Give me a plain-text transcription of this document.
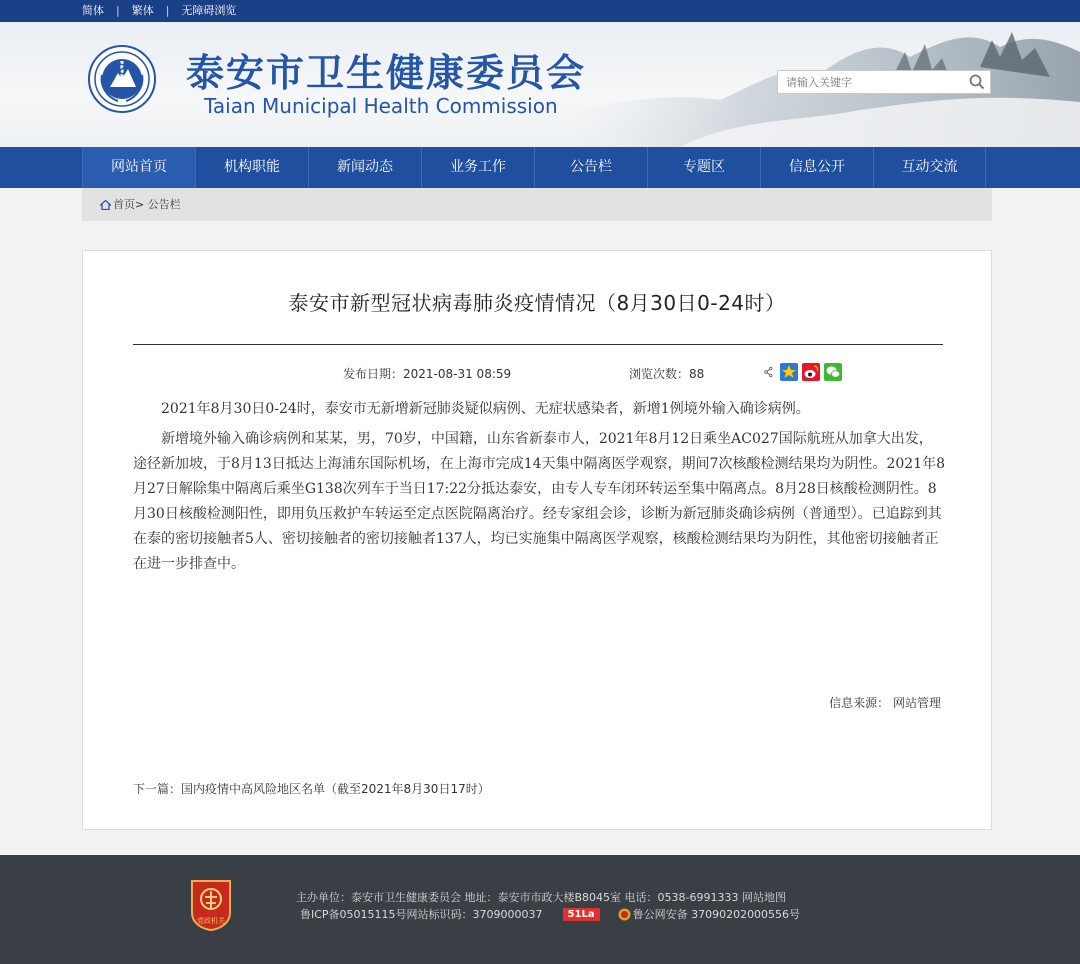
简体 | 繁体 | 无障碍浏览
泰安市卫生健康委员会
Taian Municipal Health Commission
请输入关键字
网站首页	机构职能	新闻动态	业务工作	公告栏	专题区	信息公开	互动交流
首页> 公告栏
泰安市新型冠状病毒肺炎疫情情况（8月30日0-24时）
发布日期：2021-08-31 08:59	浏览次数：88

2021年8月30日0-24时，泰安市无新增新冠肺炎疑似病例、无症状感染者，新增1例境外输入确诊病例。

新增境外输入确诊病例和某某，男，70岁，中国籍，山东省新泰市人，2021年8月12日乘坐AC027国际航班从加拿大出发，途径新加坡，于8月13日抵达上海浦东国际机场，在上海市完成14天集中隔离医学观察，期间7次核酸检测结果均为阴性。2021年8月27日解除集中隔离后乘坐G138次列车于当日17:22分抵达泰安，由专人专车闭环转运至集中隔离点。8月28日核酸检测阴性。8月30日核酸检测阳性，即用负压救护车转运至定点医院隔离治疗。经专家组会诊，诊断为新冠肺炎确诊病例（普通型）。已追踪到其在泰的密切接触者5人、密切接触者的密切接触者137人，均已实施集中隔离医学观察，核酸检测结果均为阴性，其他密切接触者正在进一步排查中。

信息来源： 网站管理
下一篇：国内疫情中高风险地区名单（截至2021年8月30日17时）
党政机关
主办单位：泰安市卫生健康委员会 地址：泰安市市政大楼B8045室 电话：0538-6991333 网站地图
鲁ICP备05015115号网站标识码：3709000037	51La	鲁公网安备 37090202000556号
